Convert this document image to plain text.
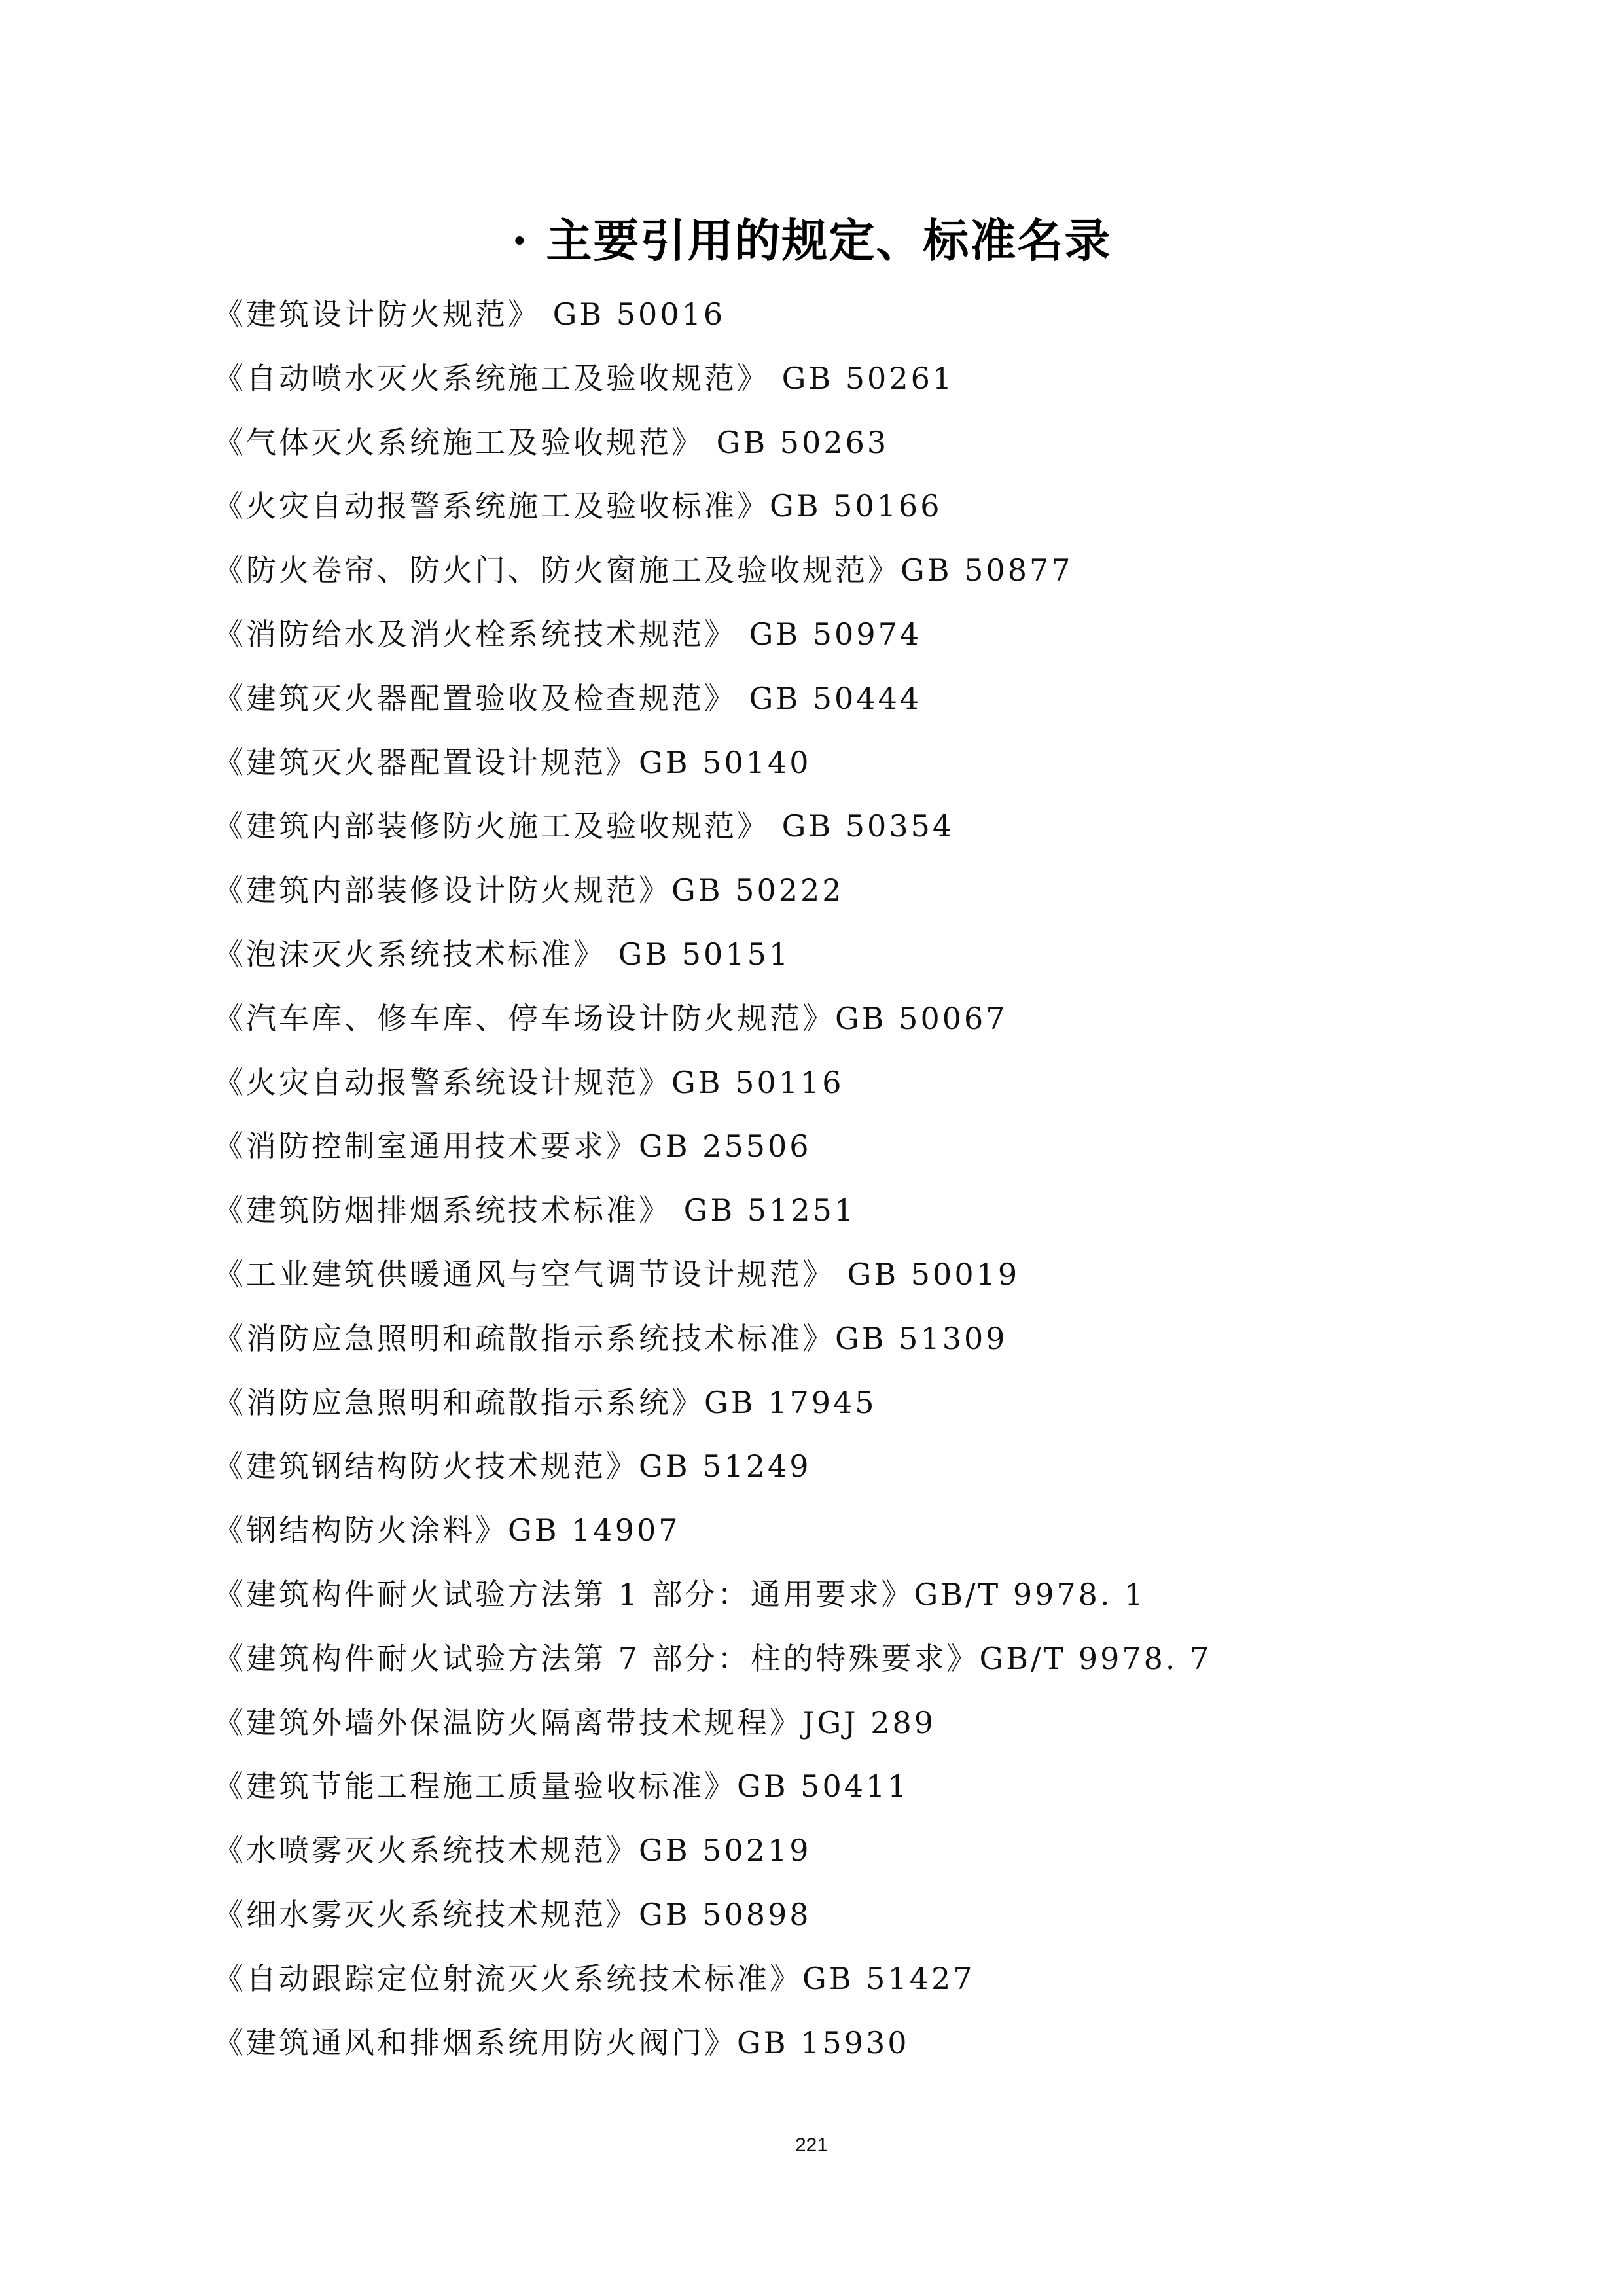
· 主要引用的规定、标准名录
《建筑设计防火规范》 GB 50016
《自动喷水灭火系统施工及验收规范》 GB 50261
《气体灭火系统施工及验收规范》 GB 50263
《火灾自动报警系统施工及验收标准》GB 50166
《防火卷帘、防火门、防火窗施工及验收规范》GB 50877
《消防给水及消火栓系统技术规范》 GB 50974
《建筑灭火器配置验收及检查规范》 GB 50444
《建筑灭火器配置设计规范》GB 50140
《建筑内部装修防火施工及验收规范》 GB 50354
《建筑内部装修设计防火规范》GB 50222
《泡沫灭火系统技术标准》 GB 50151
《汽车库、修车库、停车场设计防火规范》GB 50067
《火灾自动报警系统设计规范》GB 50116
《消防控制室通用技术要求》GB 25506
《建筑防烟排烟系统技术标准》 GB 51251
《工业建筑供暖通风与空气调节设计规范》 GB 50019
《消防应急照明和疏散指示系统技术标准》GB 51309
《消防应急照明和疏散指示系统》GB 17945
《建筑钢结构防火技术规范》GB 51249
《钢结构防火涂料》GB 14907
《建筑构件耐火试验方法第 1 部分：通用要求》GB/T 9978. 1
《建筑构件耐火试验方法第 7 部分：柱的特殊要求》GB/T 9978. 7
《建筑外墙外保温防火隔离带技术规程》JGJ 289
《建筑节能工程施工质量验收标准》GB 50411
《水喷雾灭火系统技术规范》GB 50219
《细水雾灭火系统技术规范》GB 50898
《自动跟踪定位射流灭火系统技术标准》GB 51427
《建筑通风和排烟系统用防火阀门》GB 15930
221
